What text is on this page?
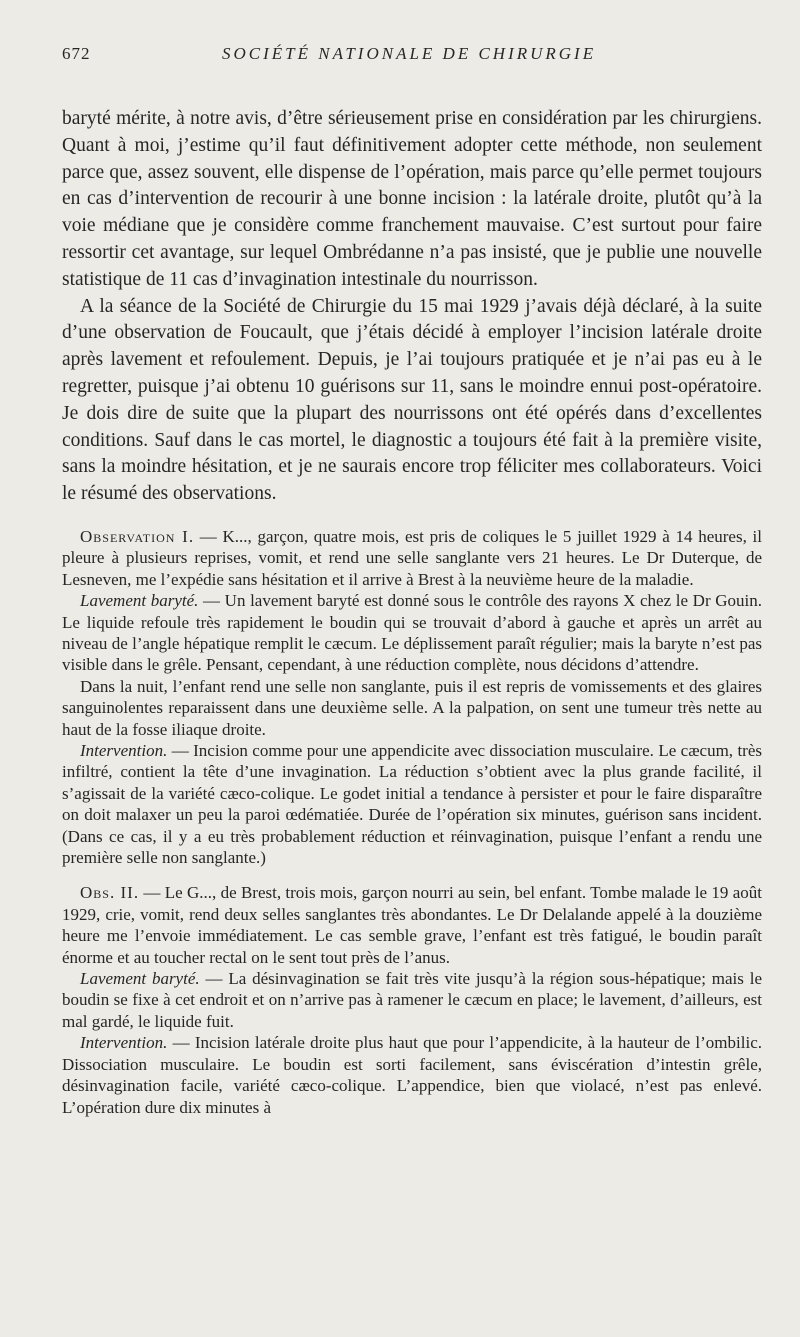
672	SOCIÉTÉ NATIONALE DE CHIRURGIE

baryté mérite, à notre avis, d’être sérieusement prise en considération par les chirurgiens. Quant à moi, j’estime qu’il faut définitivement adopter cette méthode, non seulement parce que, assez souvent, elle dispense de l’opération, mais parce qu’elle permet toujours en cas d’intervention de recourir à une bonne incision : la latérale droite, plutôt qu’à la voie médiane que je considère comme franchement mauvaise. C’est surtout pour faire ressortir cet avantage, sur lequel Ombrédanne n’a pas insisté, que je publie une nouvelle statistique de 11 cas d’invagination intestinale du nourrisson.

A la séance de la Société de Chirurgie du 15 mai 1929 j’avais déjà déclaré, à la suite d’une observation de Foucault, que j’étais décidé à employer l’incision latérale droite après lavement et refoulement. Depuis, je l’ai toujours pratiquée et je n’ai pas eu à le regretter, puisque j’ai obtenu 10 guérisons sur 11, sans le moindre ennui post-opératoire. Je dois dire de suite que la plupart des nourrissons ont été opérés dans d’excellentes conditions. Sauf dans le cas mortel, le diagnostic a toujours été fait à la première visite, sans la moindre hésitation, et je ne saurais encore trop féliciter mes collaborateurs. Voici le résumé des observations.

Observation I. — K..., garçon, quatre mois, est pris de coliques le 5 juillet 1929 à 14 heures, il pleure à plusieurs reprises, vomit, et rend une selle sanglante vers 21 heures. Le Dr Duterque, de Lesneven, me l’expédie sans hésitation et il arrive à Brest à la neuvième heure de la maladie.

Lavement baryté. — Un lavement baryté est donné sous le contrôle des rayons X chez le Dr Gouin. Le liquide refoule très rapidement le boudin qui se trouvait d’abord à gauche et après un arrêt au niveau de l’angle hépatique remplit le cæcum. Le déplissement paraît régulier; mais la baryte n’est pas visible dans le grêle. Pensant, cependant, à une réduction complète, nous décidons d’attendre.

Dans la nuit, l’enfant rend une selle non sanglante, puis il est repris de vomissements et des glaires sanguinolentes reparaissent dans une deuxième selle. A la palpation, on sent une tumeur très nette au haut de la fosse iliaque droite.

Intervention. — Incision comme pour une appendicite avec dissociation musculaire. Le cæcum, très infiltré, contient la tête d’une invagination. La réduction s’obtient avec la plus grande facilité, il s’agissait de la variété cæco-colique. Le godet initial a tendance à persister et pour le faire disparaître on doit malaxer un peu la paroi œdématiée. Durée de l’opération six minutes, guérison sans incident. (Dans ce cas, il y a eu très probablement réduction et réinvagination, puisque l’enfant a rendu une première selle non sanglante.)

Obs. II. — Le G..., de Brest, trois mois, garçon nourri au sein, bel enfant. Tombe malade le 19 août 1929, crie, vomit, rend deux selles sanglantes très abondantes. Le Dr Delalande appelé à la douzième heure me l’envoie immédiatement. Le cas semble grave, l’enfant est très fatigué, le boudin paraît énorme et au toucher rectal on le sent tout près de l’anus.

Lavement baryté. — La désinvagination se fait très vite jusqu’à la région sous-hépatique; mais le boudin se fixe à cet endroit et on n’arrive pas à ramener le cæcum en place; le lavement, d’ailleurs, est mal gardé, le liquide fuit.

Intervention. — Incision latérale droite plus haut que pour l’appendicite, à la hauteur de l’ombilic. Dissociation musculaire. Le boudin est sorti facilement, sans éviscération d’intestin grêle, désinvagination facile, variété cæco-colique. L’appendice, bien que violacé, n’est pas enlevé. L’opération dure dix minutes à
